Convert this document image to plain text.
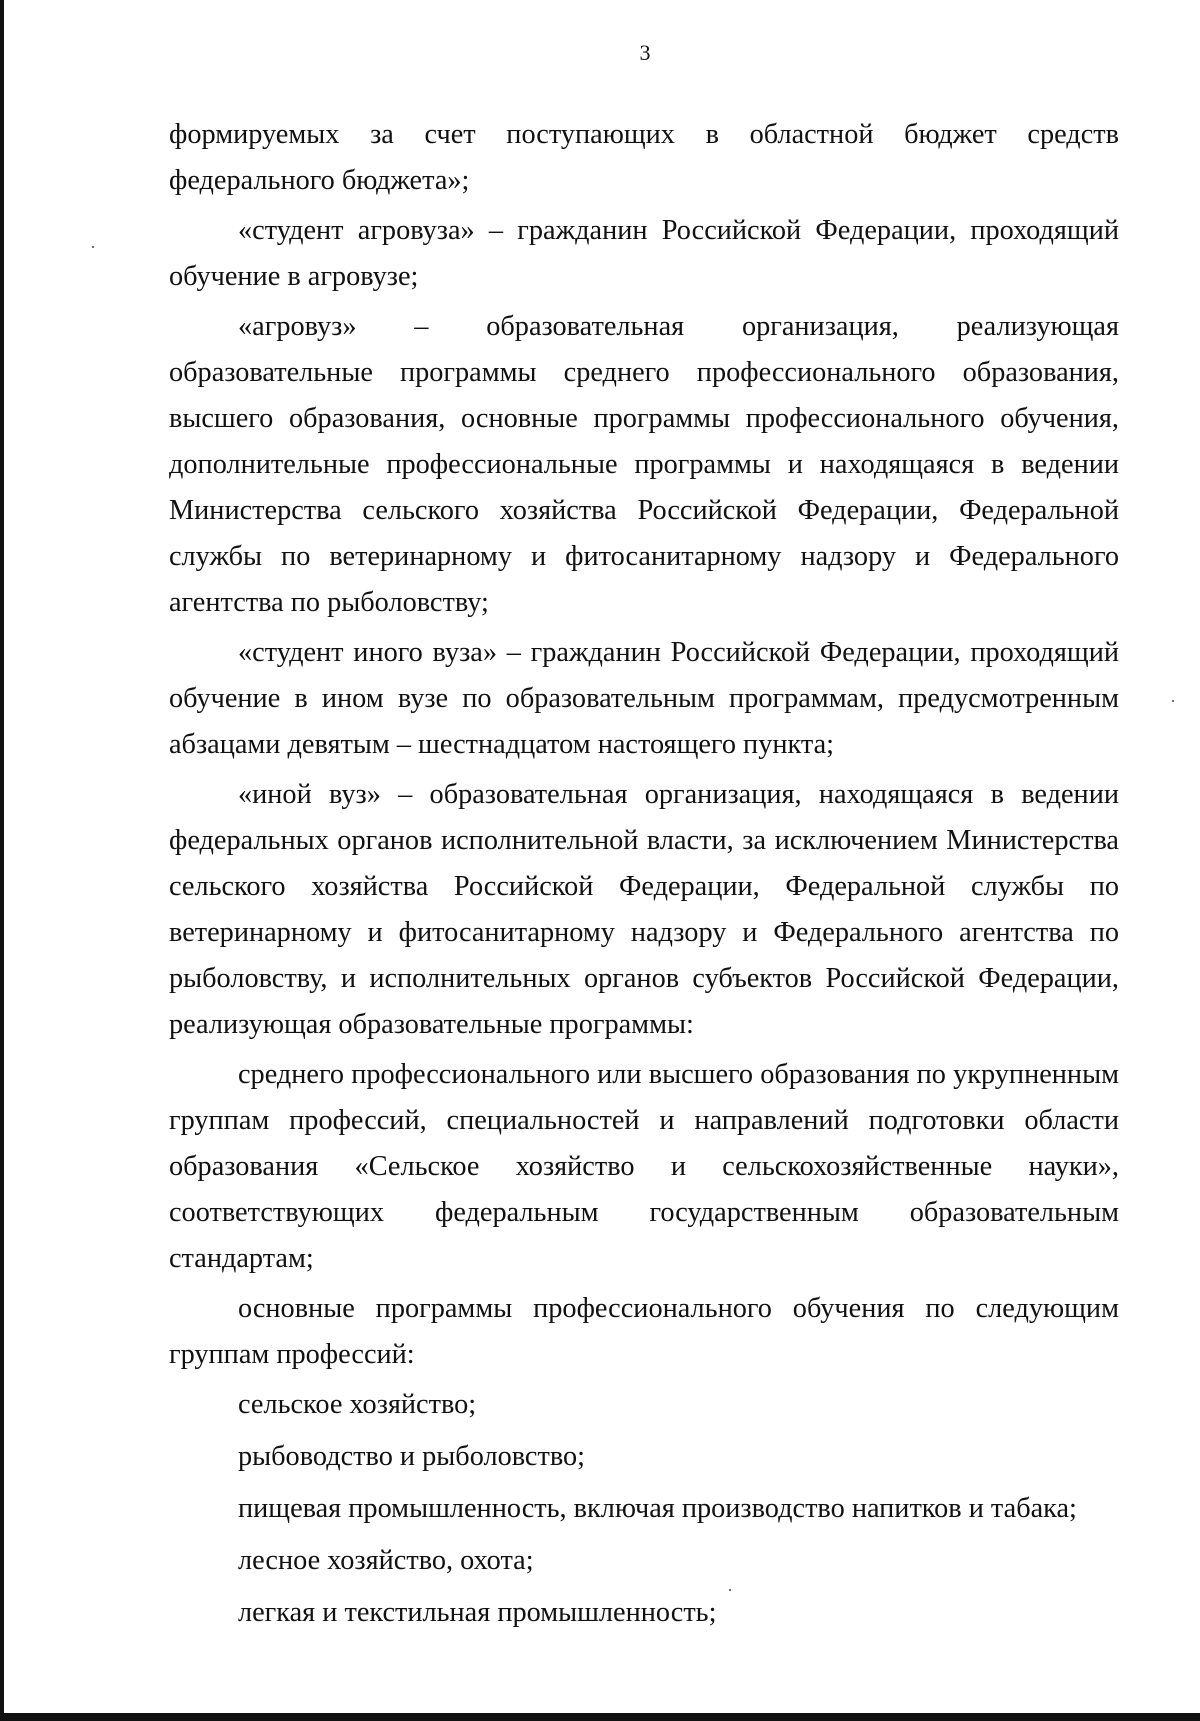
3

формируемых за счет поступающих в областной бюджет средств федерального бюджета»;

«студент агровуза» – гражданин Российской Федерации, проходящий обучение в агровузе;

«агровуз» – образовательная организация, реализующая образовательные программы среднего профессионального образования, высшего образования, основные программы профессионального обучения, дополнительные профессиональные программы и находящаяся в ведении Министерства сельского хозяйства Российской Федерации, Федеральной службы по ветеринарному и фитосанитарному надзору и Федерального агентства по рыболовству;

«студент иного вуза» – гражданин Российской Федерации, проходящий обучение в ином вузе по образовательным программам, предусмотренным абзацами девятым – шестнадцатом настоящего пункта;

«иной вуз» – образовательная организация, находящаяся в ведении федеральных органов исполнительной власти, за исключением Министерства сельского хозяйства Российской Федерации, Федеральной службы по ветеринарному и фитосанитарному надзору и Федерального агентства по рыболовству, и исполнительных органов субъектов Российской Федерации, реализующая образовательные программы:

среднего профессионального или высшего образования по укрупненным группам профессий, специальностей и направлений подготовки области образования «Сельское хозяйство и сельскохозяйственные науки», соответствующих федеральным государственным образовательным стандартам;

основные программы профессионального обучения по следующим группам профессий:

сельское хозяйство;

рыбоводство и рыболовство;

пищевая промышленность, включая производство напитков и табака;

лесное хозяйство, охота;

легкая и текстильная промышленность;
